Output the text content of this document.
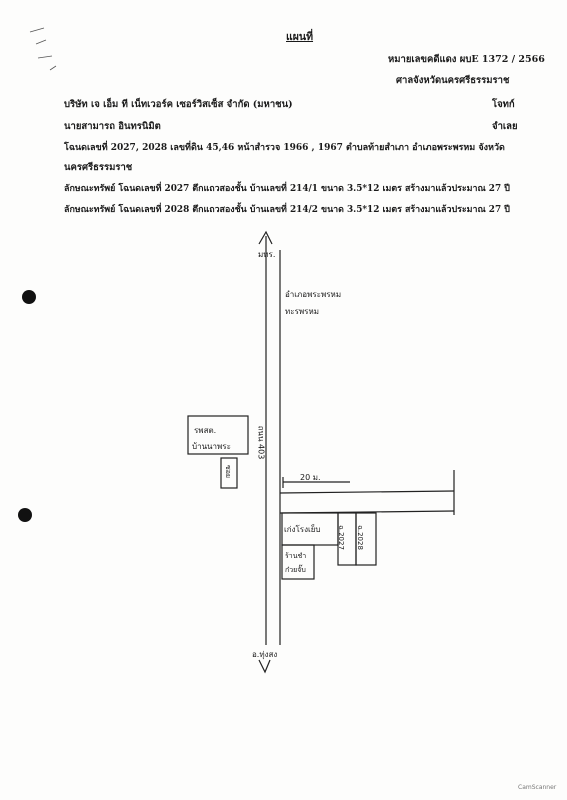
แผนที่
หมายเลขคดีแดง ผบE 1372 / 2566
ศาลจังหวัดนครศรีธรรมราช
บริษัท เจ เอ็ม ที เน็ทเวอร์ค เซอร์วิสเซ็ส จำกัด (มหาชน)	โจทก์
นายสามารถ อินทรนิมิต	จำเลย
โฉนดเลขที่ 2027, 2028 เลขที่ดิน 45,46 หน้าสำรวจ 1966 , 1967 ตำบลท้ายสำเภา อำเภอพระพรหม จังหวัด
นครศรีธรรมราช
ลักษณะทรัพย์ โฉนดเลขที่ 2027 ตึกแถวสองชั้น บ้านเลขที่ 214/1 ขนาด 3.5*12 เมตร สร้างมาแล้วประมาณ 27 ปี
ลักษณะทรัพย์ โฉนดเลขที่ 2028 ตึกแถวสองชั้น บ้านเลขที่ 214/2 ขนาด 3.5*12 เมตร สร้างมาแล้วประมาณ 27 ปี
มทร.
อำเภอพระพรหม
ทะรพรหม
ถนน 403
รพสต.
บ้านนาพระ
ซอย	20 ม.
เก่งโรงเย็บ ฉ.2027 ฉ.2028
ร้านชำ
ก๋วยจั๊บ
อ.ทุ่งสง
CamScanner
